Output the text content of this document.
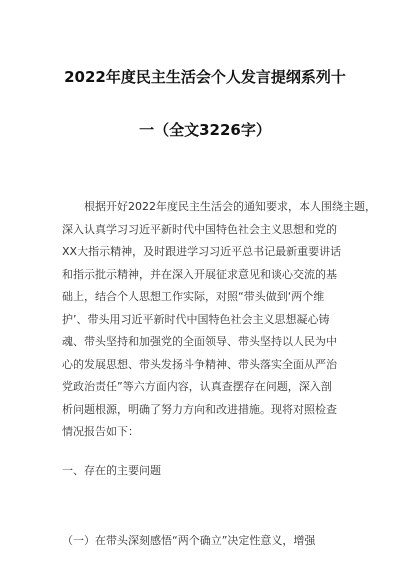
2022年度民主生活会个人发言提纲系列十
一（全文3226字）
根据开好2022年度民主生活会的通知要求，本人围绕主题，
深入认真学习习近平新时代中国特色社会主义思想和党的
XX大指示精神，及时跟进学习习近平总书记最新重要讲话
和指示批示精神，并在深入开展征求意见和谈心交流的基
础上，结合个人思想工作实际，对照“带头做到‘两个维
护’、带头用习近平新时代中国特色社会主义思想凝心铸
魂、带头坚持和加强党的全面领导、带头坚持以人民为中
心的发展思想、带头发扬斗争精神、带头落实全面从严治
党政治责任”等六方面内容，认真查摆存在问题，深入剖
析问题根源，明确了努力方向和改进措施。现将对照检查
情况报告如下：
一、存在的主要问题
（一）在带头深刻感悟“两个确立”决定性意义，增强
